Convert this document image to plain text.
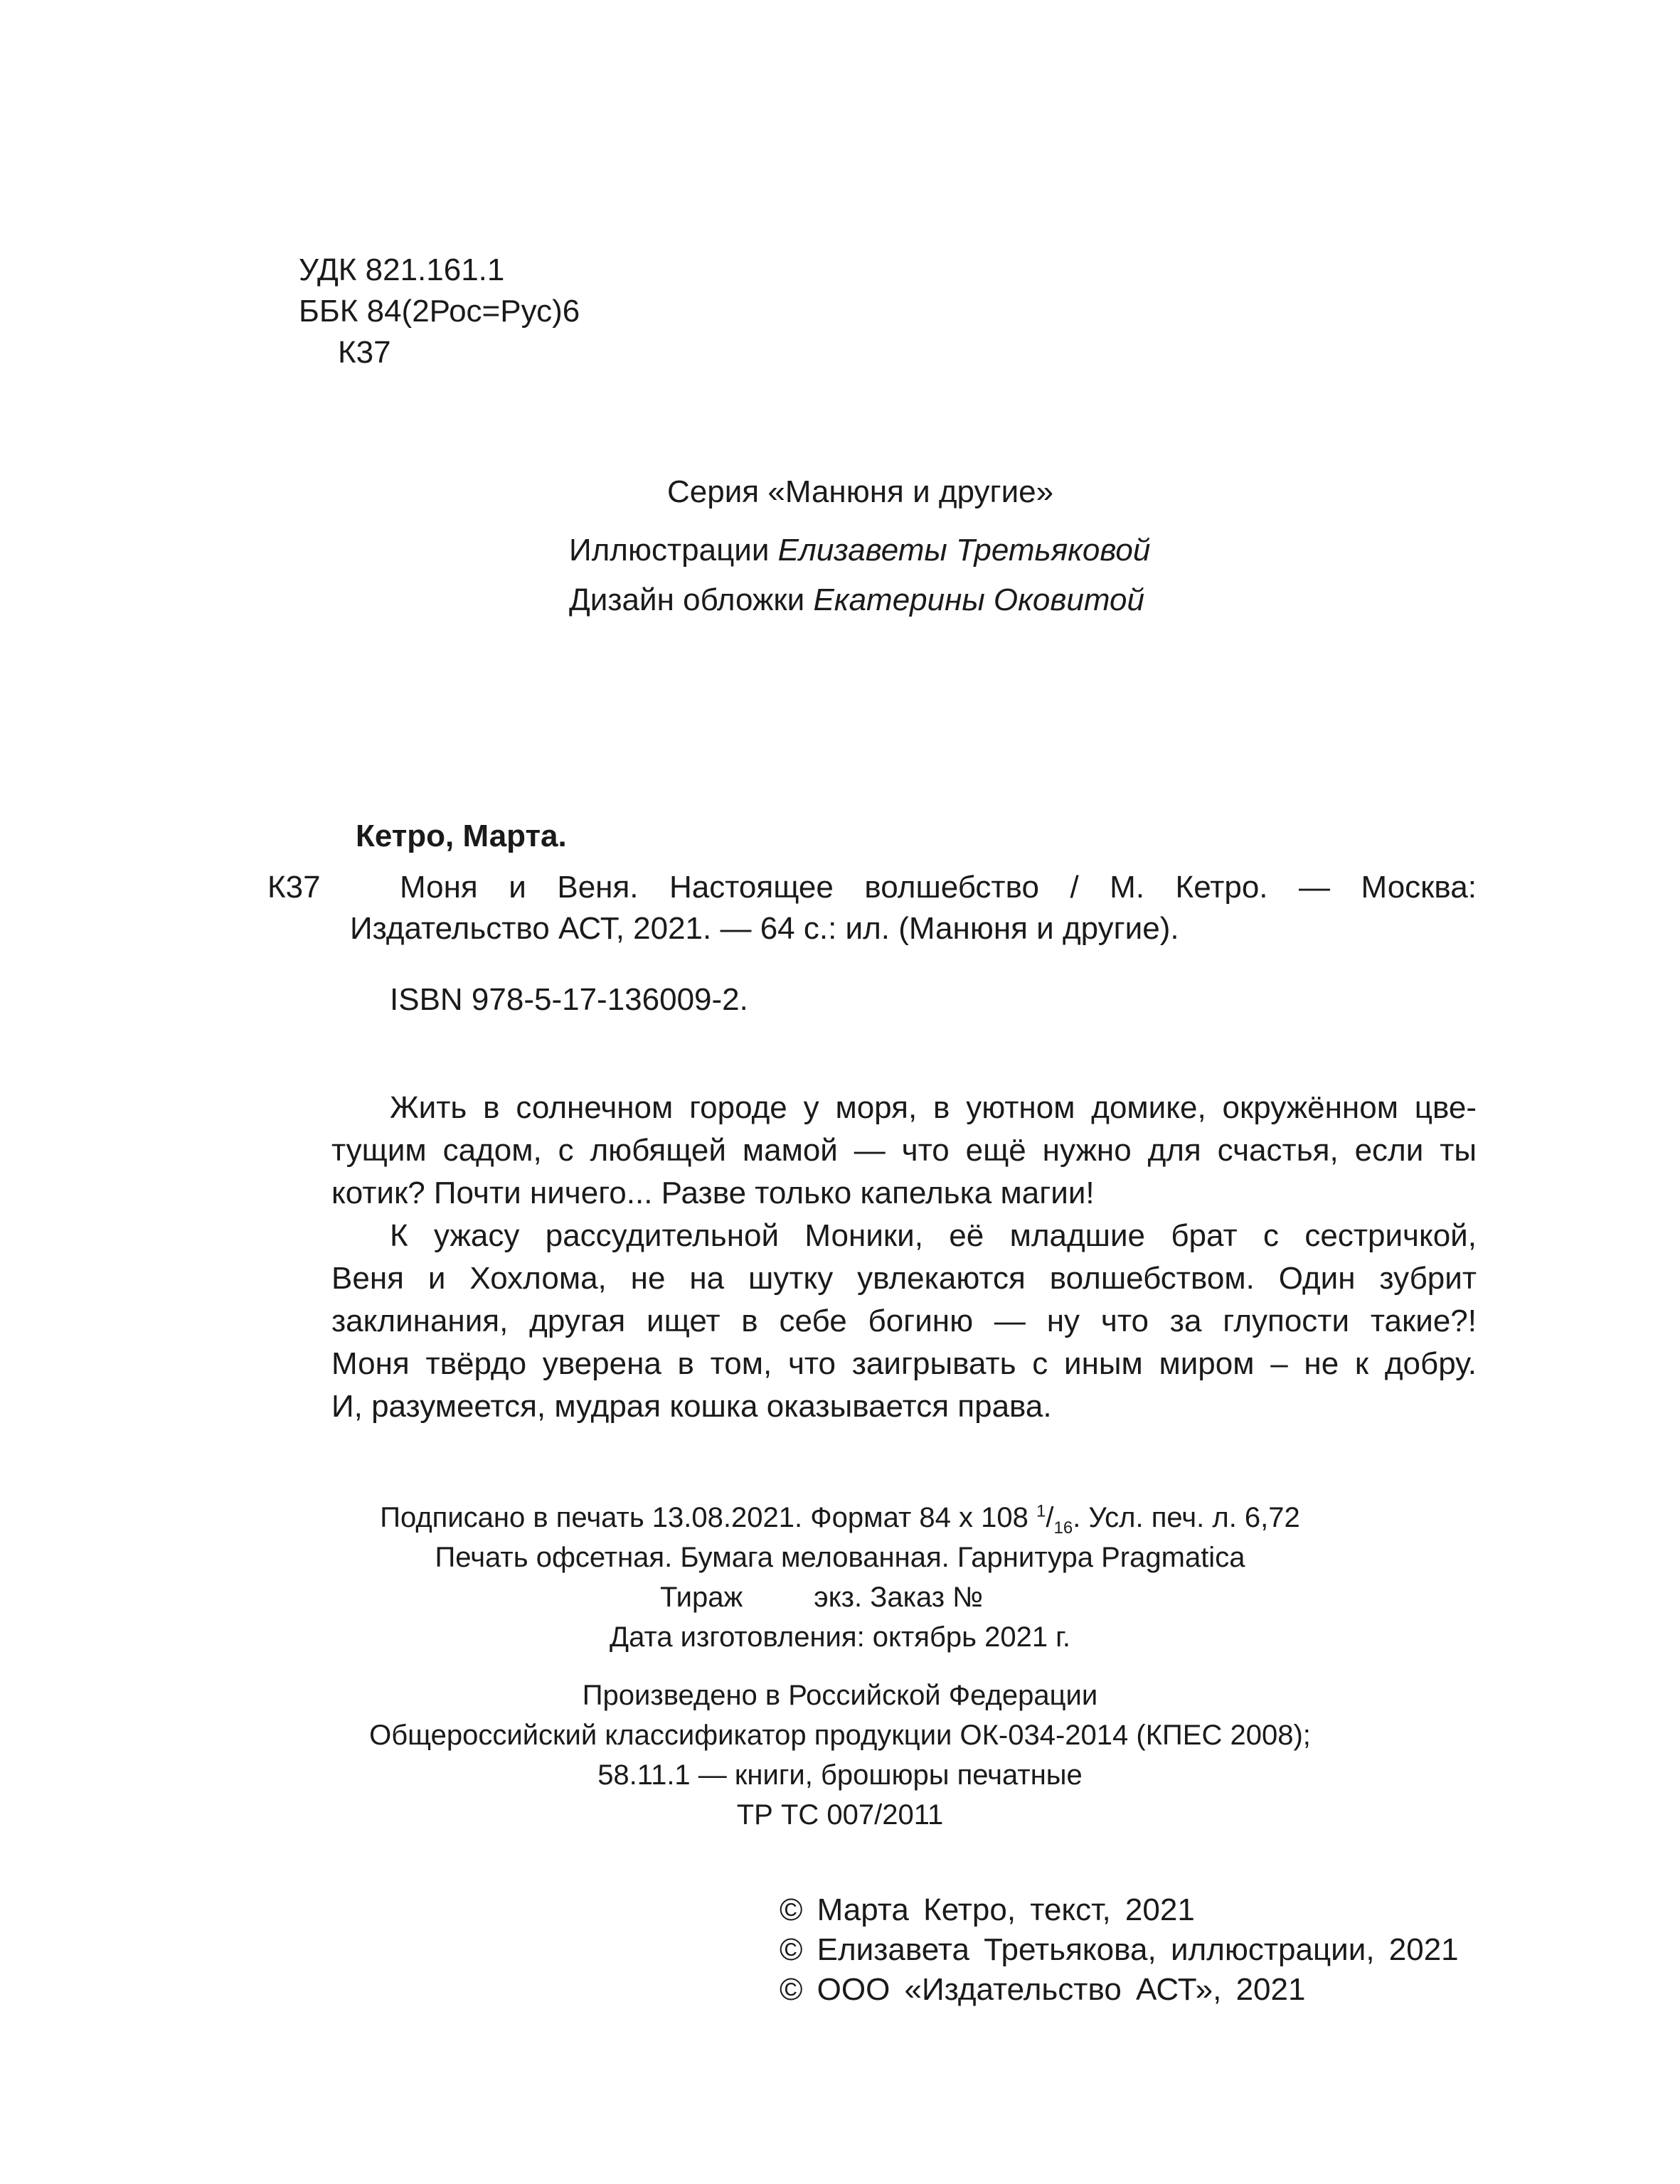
УДК 821.161.1
ББК 84(2Рос=Рус)6
К37
Серия «Манюня и другие»
Иллюстрации Елизаветы Третьяковой
Дизайн обложки Екатерины Оковитой
Кетро, Марта.
К37	Моня и Веня. Настоящее волшебство / М. Кетро. — Москва:
Издательство АСТ, 2021. — 64 с.: ил. (Манюня и другие).
ISBN 978-5-17-136009-2.
Жить в солнечном городе у моря, в уютном домике, окружённом цве-
тущим садом, с любящей мамой — что ещё нужно для счастья, если ты
котик? Почти ничего... Разве только капелька магии!
К ужасу рассудительной Моники, её младшие брат с сестричкой,
Веня и Хохлома, не на шутку увлекаются волшебством. Один зубрит
заклинания, другая ищет в себе богиню — ну что за глупости такие?!
Моня твёрдо уверена в том, что заигрывать с иным миром – не к добру.
И, разумеется, мудрая кошка оказывается права.
Подписано в печать 13.08.2021. Формат 84 x 108 $^1/_{16}$. Усл. печ. л. 6,72
Печать офсетная. Бумага мелованная. Гарнитура Pragmatica
Тираж	экз. Заказ №
Дата изготовления: октябрь 2021 г.
Произведено в Российской Федерации
Общероссийский классификатор продукции ОК-034-2014 (КПЕС 2008);
58.11.1 — книги, брошюры печатные
ТР ТС 007/2011
© Марта Кетро, текст, 2021
© Елизавета Третьякова, иллюстрации, 2021
© ООО «Издательство АСТ», 2021
